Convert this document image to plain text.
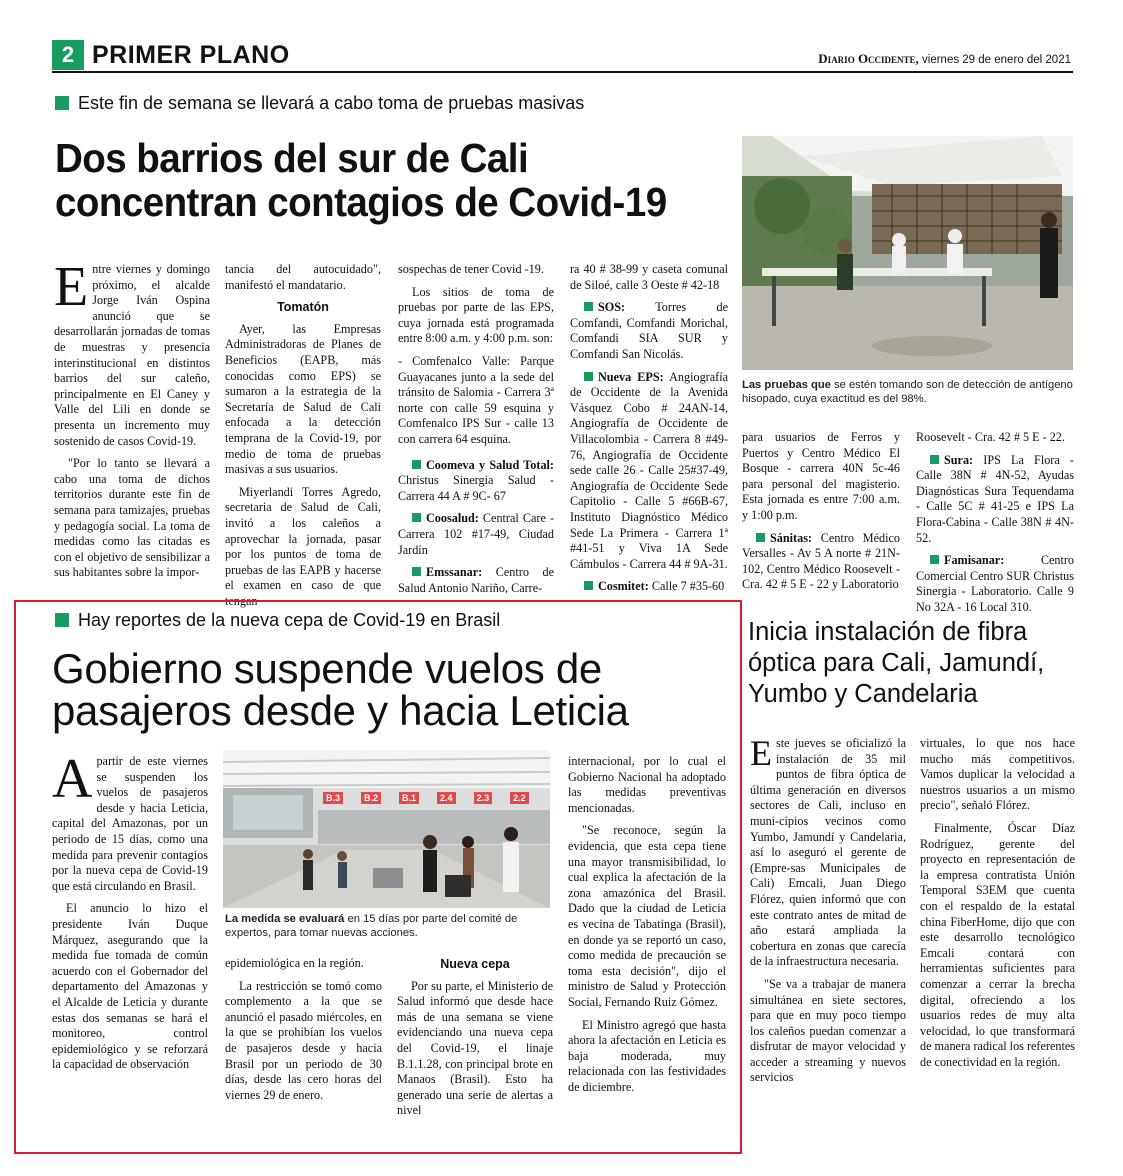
2 PRIMER PLANO	Diario Occidente, viernes 29 de enero del 2021
Este fin de semana se llevará a cabo toma de pruebas masivas
Dos barrios del sur de Cali concentran contagios de Covid-19
Las pruebas que se estén tomando son de detección de antígeno hisopado, cuya exactitud es del 98%.

Entre viernes y domingo próximo, el alcalde Jorge Iván Ospina anunció que se desarrollarán jornadas de tomas de muestras y presencia interinstitucional en distintos barrios del sur caleño, principalmente en El Caney y Valle del Lili en donde se presenta un incremento muy sostenido de casos Covid-19.

"Por lo tanto se llevará a cabo una toma de dichos territorios durante este fin de semana para tamizajes, pruebas y pedagogía social. La toma de medidas como las citadas es con el objetivo de sensibilizar a sus habitantes sobre la impor-

tancia del autocuidado", manifestó el mandatario.

Tomatón

Ayer, las Empresas Administradoras de Planes de Beneficios (EAPB, más conocidas como EPS) se sumaron a la estrategia de la Secretaría de Salud de Cali enfocada a la detección temprana de la Covid-19, por medio de toma de pruebas masivas a sus usuarios.

Miyerlandi Torres Agredo, secretaria de Salud de Cali, invitó a los caleños a aprovechar la jornada, pasar por los puntos de toma de pruebas de las EAPB y hacerse el examen en caso de que tengan

sospechas de tener Covid -19.

Los sitios de toma de pruebas por parte de las EPS, cuya jornada está programada entre 8:00 a.m. y 4:00 p.m. son:

- Comfenalco Valle: Parque Guayacanes junto a la sede del tránsito de Salomia - Carrera 3ª norte con calle 59 esquina y Comfenalco IPS Sur - calle 13 con carrera 64 esquina.

Coomeva y Salud Total: Christus Sinergia Salud - Carrera 44 A # 9C- 67

Coosalud: Central Care - Carrera 102 #17-49, Ciudad Jardín

Emssanar: Centro de Salud Antonio Nariño, Carre-

ra 40 # 38-99 y caseta comunal de Siloé, calle 3 Oeste # 42-18

SOS: Torres de Comfandi, Comfandi Morichal, Comfandi SIA SUR y Comfandi San Nicolás.

Nueva EPS: Angiografía de Occidente de la Avenida Vásquez Cobo # 24AN-14, Angiografía de Occidente de Villacolombia - Carrera 8 #49-76, Angiografía de Occidente sede calle 26 - Calle 25#37-49, Angiografía de Occidente Sede Capitolio - Calle 5 #66B-67, Instituto Diagnóstico Médico Sede La Primera - Carrera 1ª #41-51 y Viva 1A Sede Cámbulos - Carrera 44 # 9A-31.

Cosmitet: Calle 7 #35-60

para usuarios de Ferros y Puertos y Centro Médico El Bosque - carrera 40N 5c-46 para personal del magisterio. Esta jornada es entre 7:00 a.m. y 1:00 p.m.

Sánitas: Centro Médico Versalles - Av 5 A norte # 21N-102, Centro Médico Roosevelt - Cra. 42 # 5 E - 22 y Laboratorio

Roosevelt - Cra. 42 # 5 E - 22.

Sura: IPS La Flora - Calle 38N # 4N-52, Ayudas Diagnósticas Sura Tequendama - Calle 5C # 41-25 e IPS La Flora-Cabina - Calle 38N # 4N-52.

Famisanar: Centro Comercial Centro SUR Christus Sinergia - Laboratorio. Calle 9 No 32A - 16 Local 310.

Hay reportes de la nueva cepa de Covid-19 en Brasil
Gobierno suspende vuelos de pasajeros desde y hacia Leticia
B.3	B.2	B.1	2.4	2.3	2.2
La medida se evaluará en 15 días por parte del comité de expertos, para tomar nuevas acciones.

Apartir de este viernes se suspenden los vuelos de pasajeros desde y hacia Leticia, capital del Amazonas, por un periodo de 15 días, como una medida para prevenir contagios por la nueva cepa de Covid-19 que está circulando en Brasil.

El anuncio lo hizo el presidente Iván Duque Márquez, asegurando que la medida fue tomada de común acuerdo con el Gobernador del departamento del Amazonas y el Alcalde de Leticia y durante estas dos semanas se hará el monitoreo, control epidemiológico y se reforzará la capacidad de observación

epidemiológica en la región.

La restricción se tomó como complemento a la que se anunció el pasado miércoles, en la que se prohibían los vuelos de pasajeros desde y hacia Brasil por un periodo de 30 días, desde las cero horas del viernes 29 de enero.

Nueva cepa

Por su parte, el Ministerio de Salud informó que desde hace más de una semana se viene evidenciando una nueva cepa del Covid-19, el linaje B.1.1.28, con principal brote en Manaos (Brasil). Esto ha generado una serie de alertas a nivel

internacional, por lo cual el Gobierno Nacional ha adoptado las medidas preventivas mencionadas.

"Se reconoce, según la evidencia, que esta cepa tiene una mayor transmisibilidad, lo cual explica la afectación de la zona amazónica del Brasil. Dado que la ciudad de Leticia es vecina de Tabatinga (Brasil), en donde ya se reportó un caso, como medida de precaución se toma esta decisión", dijo el ministro de Salud y Protección Social, Fernando Ruiz Gómez.

El Ministro agregó que hasta ahora la afectación en Leticia es baja moderada, muy relacionada con las festividades de diciembre.

Inicia instalación de fibra óptica para Cali, Jamundí, Yumbo y Candelaria

Este jueves se oficializó la instalación de 35 mil puntos de fibra óptica de última generación en diversos sectores de Cali, incluso en muni-cipios vecinos como Yumbo, Jamundí y Candelaria, así lo aseguró el gerente de (Empre-sas Municipales de Cali) Emcali, Juan Diego Flórez, quien informó que con este contrato antes de mitad de año estará ampliada la cobertura en zonas que carecía de la infraestructura necesaria.

"Se va a trabajar de manera simultánea en siete sectores, para que en muy poco tiempo los caleños puedan comenzar a disfrutar de mayor velocidad y acceder a streaming y nuevos servicios

virtuales, lo que nos hace mucho más competitivos. Vamos duplicar la velocidad a nuestros usuarios a un mismo precio", señaló Flórez.

Finalmente, Óscar Díaz Rodríguez, gerente del proyecto en representación de la empresa contratista Unión Temporal S3EM que cuenta con el respaldo de la estatal china FiberHome, dijo que con este desarrollo tecnológico Emcali contará con herramientas suficientes para comenzar a cerrar la brecha digital, ofreciendo a los usuarios redes de muy alta velocidad, lo que transformará de manera radical los referentes de conectividad en la región.
